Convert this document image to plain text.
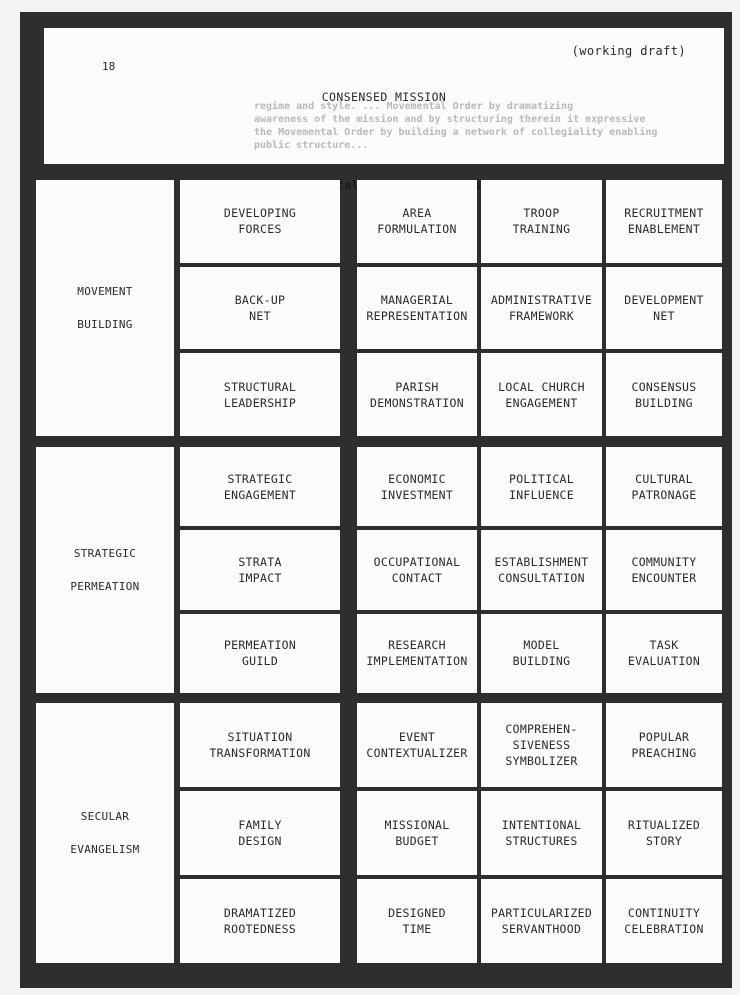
(working draft)
18
CONSENSED MISSION
regime and style. ... Movemental Order by dramatizing
awareness of the mission and by structuring therein it expressive
the Movemental Order by building a network of collegiality enabling
public structure...
MOVEMENT
BUILDING
DEVELOPING
FORCES
AREA
FORMULATION
TROOP
TRAINING
RECRUITMENT
ENABLEMENT
BACK-UP
NET
MANAGERIAL
REPRESENTATION
ADMINISTRATIVE
FRAMEWORK
DEVELOPMENT
NET
STRUCTURAL
LEADERSHIP
PARISH
DEMONSTRATION
LOCAL CHURCH
ENGAGEMENT
CONSENSUS
BUILDING
STRATEGIC
PERMEATION
STRATEGIC
ENGAGEMENT
ECONOMIC
INVESTMENT
POLITICAL
INFLUENCE
CULTURAL
PATRONAGE
STRATA
IMPACT
OCCUPATIONAL
CONTACT
ESTABLISHMENT
CONSULTATION
COMMUNITY
ENCOUNTER
PERMEATION
GUILD
RESEARCH
IMPLEMENTATION
MODEL
BUILDING
TASK
EVALUATION
SECULAR
EVANGELISM
SITUATION
TRANSFORMATION
EVENT
CONTEXTUALIZER
COMPREHEN-
SIVENESS
SYMBOLIZER
POPULAR
PREACHING
FAMILY
DESIGN
MISSIONAL
BUDGET
INTENTIONAL
STRUCTURES
RITUALIZED
STORY
DRAMATIZED
ROOTEDNESS
DESIGNED
TIME
PARTICULARIZED
SERVANTHOOD
CONTINUITY
CELEBRATION
